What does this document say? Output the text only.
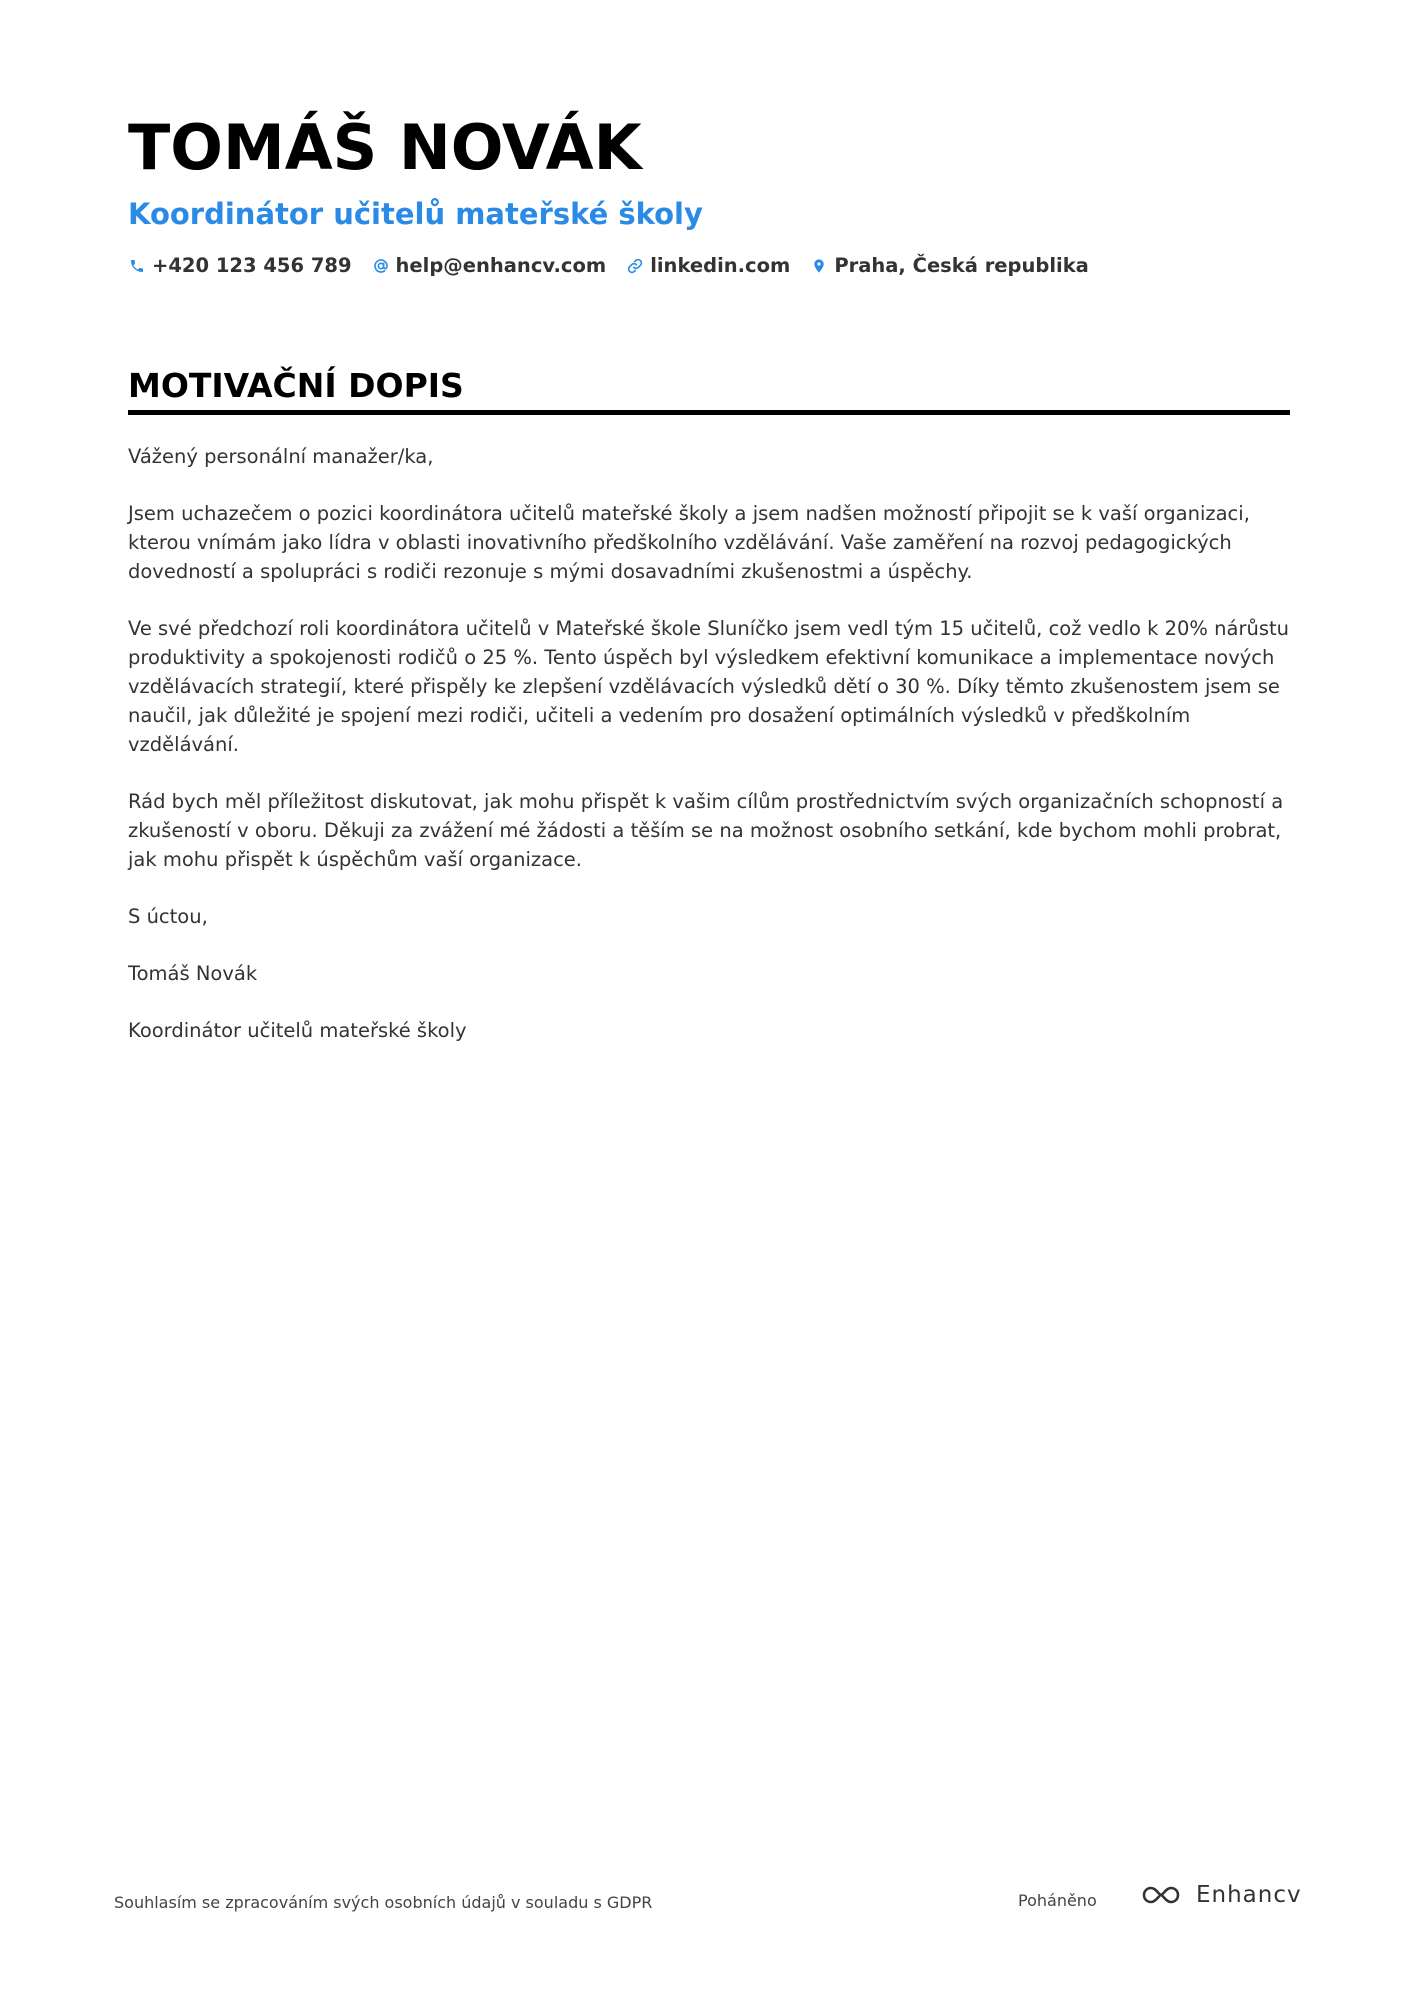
TOMÁŠ NOVÁK
Koordinátor učitelů mateřské školy
+420 123 456 789 help@enhancv.com linkedin.com Praha, Česká republika
MOTIVAČNÍ DOPIS

Vážený personální manažer/ka,

Jsem uchazečem o pozici koordinátora učitelů mateřské školy a jsem nadšen možností připojit se k vaší organizaci, kterou vnímám jako lídra v oblasti inovativního předškolního vzdělávání. Vaše zaměření na rozvoj pedagogických dovedností a spolupráci s rodiči rezonuje s mými dosavadními zkušenostmi a úspěchy.

Ve své předchozí roli koordinátora učitelů v Mateřské škole Sluníčko jsem vedl tým 15 učitelů, což vedlo k 20% nárůstu produktivity a spokojenosti rodičů o 25 %. Tento úspěch byl výsledkem efektivní komunikace a implementace nových vzdělávacích strategií, které přispěly ke zlepšení vzdělávacích výsledků dětí o 30 %. Díky těmto zkušenostem jsem se naučil, jak důležité je spojení mezi rodiči, učiteli a vedením pro dosažení optimálních výsledků v předškolním vzdělávání.

Rád bych měl příležitost diskutovat, jak mohu přispět k vašim cílům prostřednictvím svých organizačních schopností a zkušeností v oboru. Děkuji za zvážení mé žádosti a těším se na možnost osobního setkání, kde bychom mohli probrat, jak mohu přispět k úspěchům vaší organizace.

S úctou,

Tomáš Novák

Koordinátor učitelů mateřské školy

Souhlasím se zpracováním svých osobních údajů v souladu s GDPR	Poháněno	Enhancv
